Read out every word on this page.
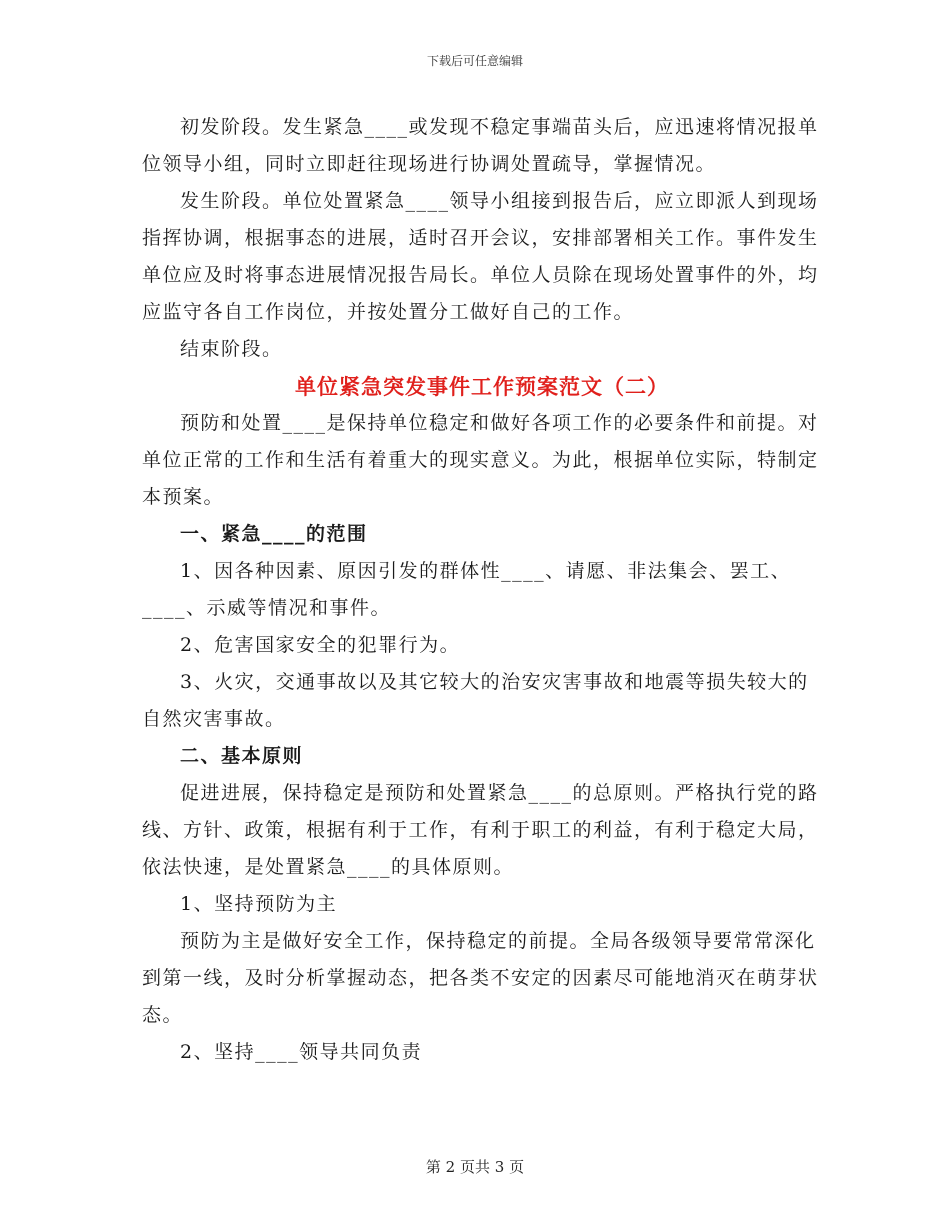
下载后可任意编辑

初发阶段。发生紧急____或发现不稳定事端苗头后，应迅速将情况报单位领导小组，同时立即赶往现场进行协调处置疏导，掌握情况。

发生阶段。单位处置紧急____领导小组接到报告后，应立即派人到现场指挥协调，根据事态的进展，适时召开会议，安排部署相关工作。事件发生单位应及时将事态进展情况报告局长。单位人员除在现场处置事件的外，均应监守各自工作岗位，并按处置分工做好自己的工作。

结束阶段。

单位紧急突发事件工作预案范文（二）

预防和处置____是保持单位稳定和做好各项工作的必要条件和前提。对单位正常的工作和生活有着重大的现实意义。为此，根据单位实际，特制定本预案。

一、紧急____的范围

1、因各种因素、原因引发的群体性____、请愿、非法集会、罢工、____、示威等情况和事件。

2、危害国家安全的犯罪行为。

3、火灾，交通事故以及其它较大的治安灾害事故和地震等损失较大的自然灾害事故。

二、基本原则

促进进展，保持稳定是预防和处置紧急____的总原则。严格执行党的路线、方针、政策，根据有利于工作，有利于职工的利益，有利于稳定大局，依法快速，是处置紧急____的具体原则。

1、坚持预防为主

预防为主是做好安全工作，保持稳定的前提。全局各级领导要常常深化到第一线，及时分析掌握动态，把各类不安定的因素尽可能地消灭在萌芽状态。

2、坚持____领导共同负责

第 2 页共 3 页
